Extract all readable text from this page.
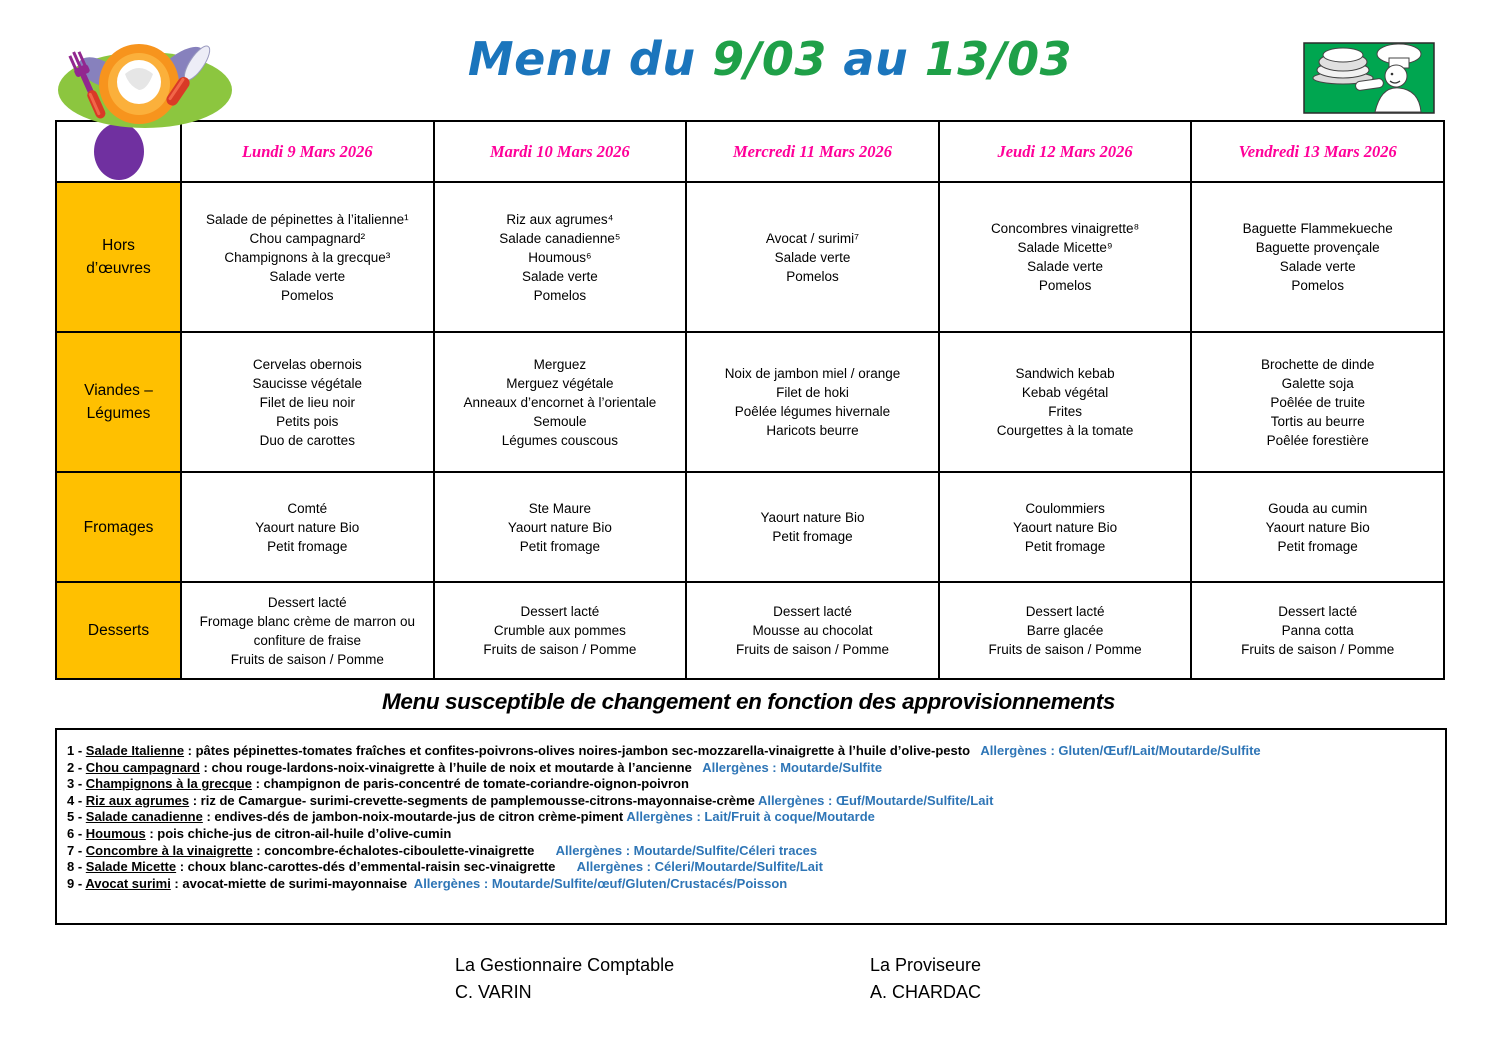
Menu du 9/03 au 13/03
	Lundi 9 Mars 2026	Mardi 10 Mars 2026	Mercredi 11 Mars 2026	Jeudi 12 Mars 2026	Vendredi 13 Mars 2026
Hors
d’œuvres	Salade de pépinettes à l’italienne¹
Chou campagnard²
Champignons à la grecque³
Salade verte
Pomelos	Riz aux agrumes⁴
Salade canadienne⁵
Houmous⁶
Salade verte
Pomelos	Avocat / surimi⁷
Salade verte
Pomelos	Concombres vinaigrette⁸
Salade Micette⁹
Salade verte
Pomelos	Baguette Flammekueche
Baguette provençale
Salade verte
Pomelos
Viandes –
Légumes	Cervelas obernois
Saucisse végétale
Filet de lieu noir
Petits pois
Duo de carottes	Merguez
Merguez végétale
Anneaux d’encornet à l’orientale
Semoule
Légumes couscous	Noix de jambon miel / orange
Filet de hoki
Poêlée légumes hivernale
Haricots beurre	Sandwich kebab
Kebab végétal
Frites
Courgettes à la tomate	Brochette de dinde
Galette soja
Poêlée de truite
Tortis au beurre
Poêlée forestière
Fromages	Comté
Yaourt nature Bio
Petit fromage	Ste Maure
Yaourt nature Bio
Petit fromage	Yaourt nature Bio
Petit fromage	Coulommiers
Yaourt nature Bio
Petit fromage	Gouda au cumin
Yaourt nature Bio
Petit fromage
Desserts	Dessert lacté
Fromage blanc crème de marron ou confiture de fraise
Fruits de saison / Pomme	Dessert lacté
Crumble aux pommes
Fruits de saison / Pomme	Dessert lacté
Mousse au chocolat
Fruits de saison / Pomme	Dessert lacté
Barre glacée
Fruits de saison / Pomme	Dessert lacté
Panna cotta
Fruits de saison / Pomme
Menu susceptible de changement en fonction des approvisionnements
1 - Salade Italienne : pâtes pépinettes-tomates fraîches et confites-poivrons-olives noires-jambon sec-mozzarella-vinaigrette à l’huile d’olive-pesto   Allergènes : Gluten/Œuf/Lait/Moutarde/Sulfite
2 - Chou campagnard : chou rouge-lardons-noix-vinaigrette à l’huile de noix et moutarde à l’ancienne   Allergènes : Moutarde/Sulfite
3 - Champignons à la grecque : champignon de paris-concentré de tomate-coriandre-oignon-poivron
4 - Riz aux agrumes : riz de Camargue- surimi-crevette-segments de pamplemousse-citrons-mayonnaise-crème Allergènes : Œuf/Moutarde/Sulfite/Lait
5 - Salade canadienne : endives-dés de jambon-noix-moutarde-jus de citron crème-piment Allergènes : Lait/Fruit à coque/Moutarde
6 - Houmous : pois chiche-jus de citron-ail-huile d’olive-cumin
7 - Concombre à la vinaigrette : concombre-échalotes-ciboulette-vinaigrette      Allergènes : Moutarde/Sulfite/Céleri traces
8 - Salade Micette : choux blanc-carottes-dés d’emmental-raisin sec-vinaigrette      Allergènes : Céleri/Moutarde/Sulfite/Lait
9 - Avocat surimi : avocat-miette de surimi-mayonnaise  Allergènes : Moutarde/Sulfite/œuf/Gluten/Crustacés/Poisson
La Gestionnaire Comptable
C. VARIN
La Proviseure
A. CHARDAC
